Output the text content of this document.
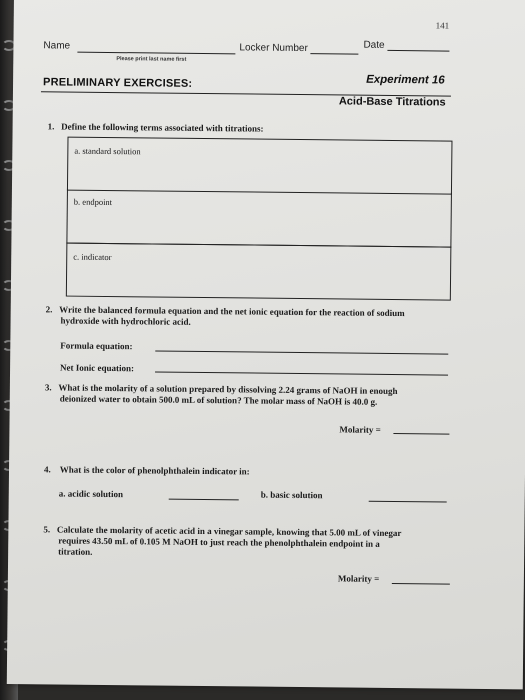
141
Name
Please print last name first
Locker Number	Date
PRELIMINARY EXERCISES:	Experiment 16
Acid-Base Titrations
1. Define the following terms associated with titrations:
a. standard solution
b. endpoint
c. indicator
2. Write the balanced formula equation and the net ionic equation for the reaction of sodium
hydroxide with hydrochloric acid.
Formula equation:
Net Ionic equation:
3. What is the molarity of a solution prepared by dissolving 2.24 grams of NaOH in enough
deionized water to obtain 500.0 mL of solution? The molar mass of NaOH is 40.0 g.
Molarity =
4. What is the color of phenolphthalein indicator in:
a. acidic solution	b. basic solution
5. Calculate the molarity of acetic acid in a vinegar sample, knowing that 5.00 mL of vinegar
requires 43.50 mL of 0.105 M NaOH to just reach the phenolphthalein endpoint in a
titration.
Molarity =
